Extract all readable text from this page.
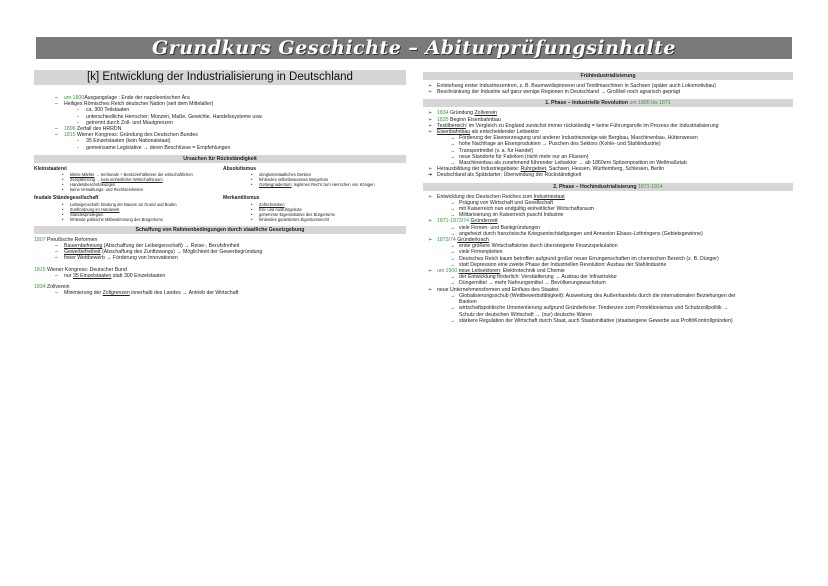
Grundkurs Geschichte – Abiturprüfungsinhalte
[k] Entwicklung der Industrialisierung in Deutschland
– um 1800Ausgangslage : Ende der napoleonischen Ära
– Heiliges Römisches Reich deutscher Nation (seit dem Mittelalter)
◦ ca. 300 Teilstaaten
◦ unterschiedliche Herrscher; Münzen, Maße, Gewichte, Handelssysteme usw.
◦ getrennt durch Zoll- und Mautgrenzen
– 1806 Zerfall des HRRDN
– 1815 Wiener Kongress: Gründung des Deutschen Bundes
◦ 35 Einzelstaaten (kein Nationalstaat)
◦ gemeinsame Legislative → deren Beschlüsse = Empfehlungen
Ursachen für Rückständigkeit
Kleinstaaterei
• kleine Märkte → territoriale + Besitzverhältnisse der wirtschaftlichen
• Zersplitterung → kein einheitlicher Wirtschaftsraum
• Handelsbeschränkungen
• keine Verwaltungs- und Rechtseinheiten
Absolutismus
• obrigkeitsstaatliches Denken
• fehlendes selbstbewusstes Bürgertum
• Gottesgnadentum: legitimes Recht zum Herrschen von Königen
feudale Ständegesellschaft
• Leibeigenschaft: Bindung der Bauern an Grund und Boden
• Zunftordnung im Handwerk
• Standesprivilegien
• fehlende politische Mitbestimmung des Bürgertums
Merkantilismus
• Zollschranken
• Ein- und Ausfuhrgebote
• gehemmte Eigeninitiative des Bürgertums
• fehlendes garantiertes Eigentumsrecht
Schaffung von Rahmenbedingungen durch staatliche Gesetzgebung
1807 Preußische Reformen
– Bauernbefreiung (Abschaffung der Leibeigenschaft) → Reise-, Berufsfreiheit
– Gewerbefreiheit (Abschaffung des Zunftzwangs) → Möglichkeit der Gewerbegründung
– freier Wettbewerb → Förderung von Innovationen
1815 Wiener Kongress: Deutscher Bund
– nur 35 Einzelstaaten statt 300 Einzelstaaten
1834 Zollverein
– Minimierung der Zollgrenzen innerhalb des Landes → Antrieb der Wirtschaft
Frühindustrialisierung
➢ Entstehung erster Industriezentren, z. B. Baumwollspinnerei und Textilmaschinen in Sachsen (später auch Lokomotivbau)
➢ Beschränkung der Industrie auf ganz wenige Regionen in Deutschland → Großteil noch agrarisch geprägt
1. Phase – Industrielle Revolution um 1800 bis 1871
➢ 1834 Gründung Zollverein
➢ 1835 Beginn Eisenbahnbau
➢ Textilbereich: im Vergleich zu England zunächst immer rückständig = keine Führungsrolle im Prozess der Industrialisierung
➢ Eisenbahnbau als entscheidender Leitsektor
→ Förderung der Eisenerzeugung und anderer Industriezweige wie Bergbau, Maschinenbau, Hüttenwesen
→ hohe Nachfrage an Eisenprodukten → Puschen des Sektors (Kohle- und Stahlindustrie)
→ Transportmittel (v. a. für Handel)
→ neue Standorte für Fabriken (nicht mehr nur an Flüssen)
→ Maschinenbau als zunehmend führender Leitsektor → ab 1860ern Spitzenposition im Weltmaßstab
➢ Herausbildung der Industriegebiete: Ruhrgebiet, Sachsen, Hessen, Württemberg, Schlesien, Berlin
➔ Deutschland als Spätstarter; Überwindung der Rückständigkeit
2. Phase – Hochindustrialisierung 1871-1914
➢ Entwicklung des Deutschen Reiches zum Industriestaat
→ Prägung von Wirtschaft und Gesellschaft
→ mit Kaiserreich nun endgültig einheitlicher Wirtschaftsraum
→ Militarisierung im Kaiserreich puscht Industrie
➢ 1871-1873/74 Gründerzeit
→ viele Firmen- und Bankgründungen
→ angeheizt durch französische Kriegsentschädigungen und Annexion Elsass-Lothringens (Gebietsgewinne)
➢ 1873/74 Gründerkrach
→ erste größere Wirtschaftskrise durch übersteigerte Finanzspekulation
→ viele Firmenpleiten
→ Deutsches Reich kaum betroffen aufgrund großer neuer Errungenschaften im chemischen Bereich (z. B. Dünger)
→ statt Depression eine zweite Phase der Industriellen Revolution: Ausbau der Stahlindustrie
➢ um 1900 neue Leitsektoren: Elektrotechnik und Chemie
→ der Entwicklung förderlich: Verstädterung → Ausbau der Infrastruktur
→ Düngemittel → mehr Nahrungsmittel → Bevölkerungswachstum
➢ neue Unternehmensformen und Einfluss des Staates
→ Globalisierungsschub (Wettbewerbsfähigkeit): Ausweitung des Außenhandels durch die internationalen Beziehungen der
Banken
→ wirtschaftspolitische Umorientierung aufgrund Gründerkrise: Tendenzen zum Protektionismus und Schutzzollpolitik →
Schutz der deutschen Wirtschaft → (nur) deutsche Waren
→ stärkere Regulation der Wirtschaft durch Staat, auch Staatsinitiative (staatseigene Gewerbe aus Profit/Kontrollgründen)
